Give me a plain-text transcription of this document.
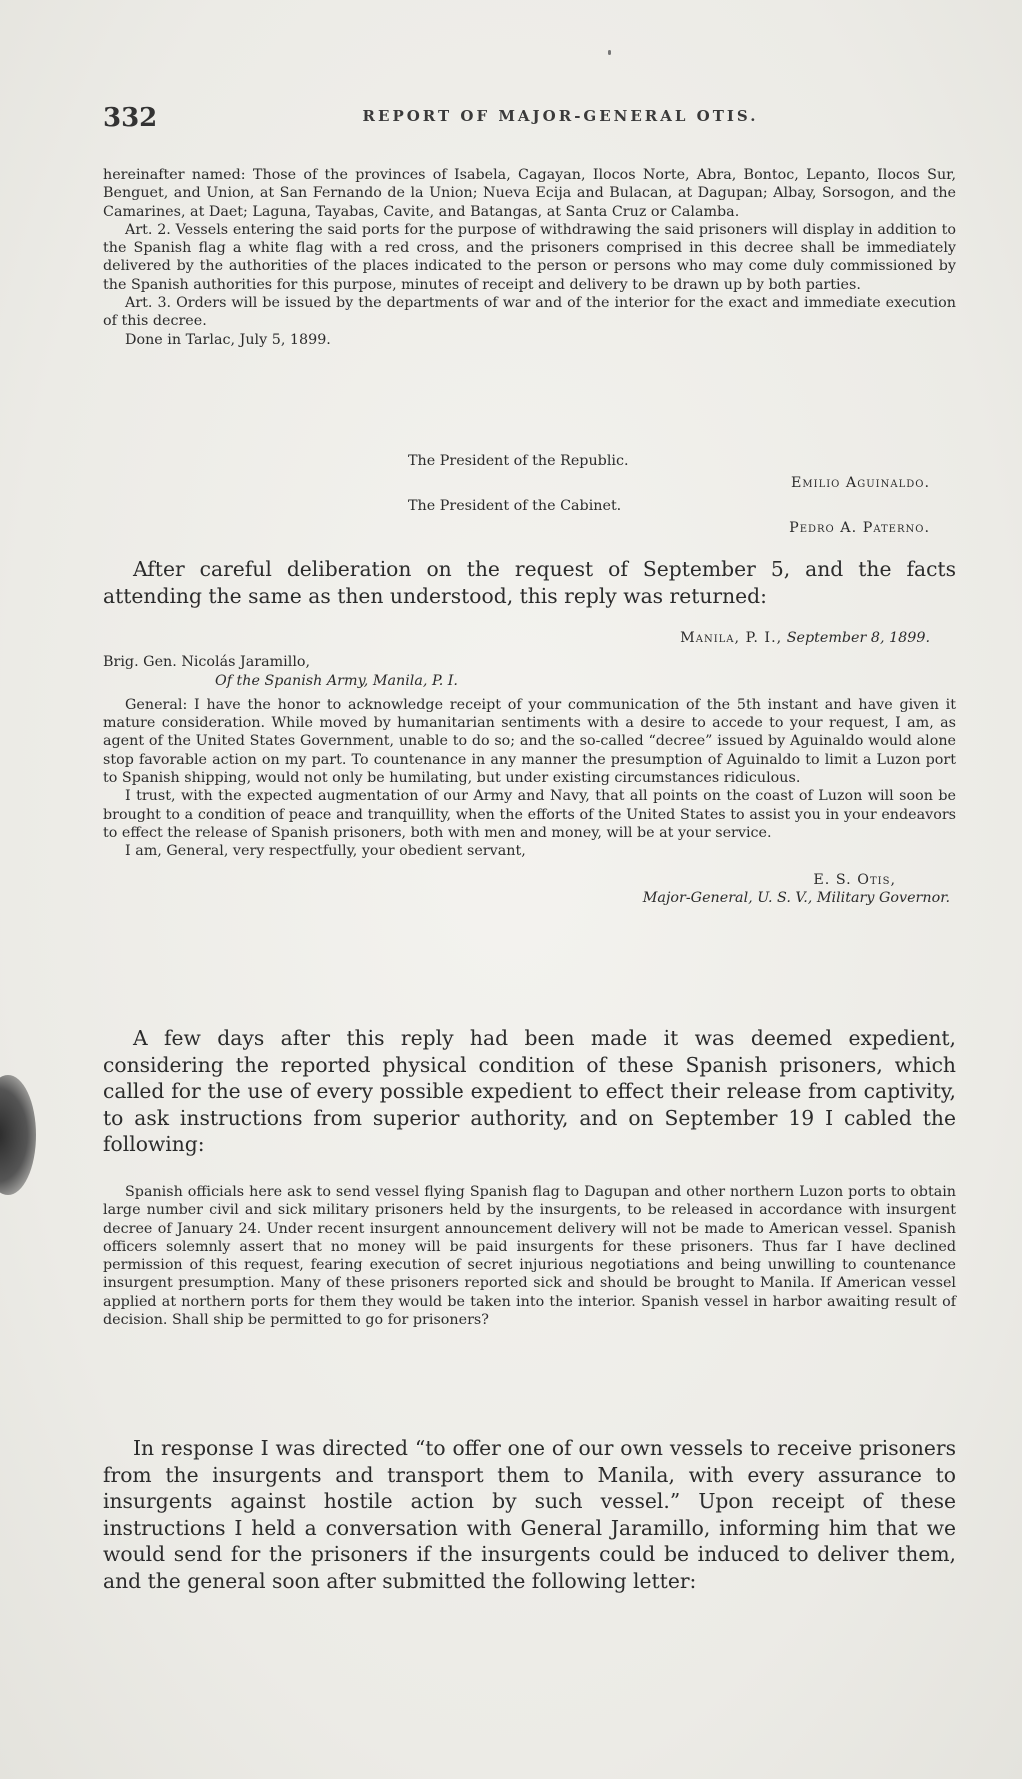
332	REPORT OF MAJOR-GENERAL OTIS.

hereinafter named: Those of the provinces of Isabela, Cagayan, Ilocos Norte, Abra, Bontoc, Lepanto, Ilocos Sur, Benguet, and Union, at San Fernando de la Union; Nueva Ecija and Bulacan, at Dagupan; Albay, Sorsogon, and the Camarines, at Daet; Laguna, Tayabas, Cavite, and Batangas, at Santa Cruz or Calamba.

Art. 2. Vessels entering the said ports for the purpose of withdrawing the said prisoners will display in addition to the Spanish flag a white flag with a red cross, and the prisoners comprised in this decree shall be immediately delivered by the authorities of the places indicated to the person or persons who may come duly commissioned by the Spanish authorities for this purpose, minutes of receipt and delivery to be drawn up by both parties.

Art. 3. Orders will be issued by the departments of war and of the interior for the exact and immediate execution of this decree.

Done in Tarlac, July 5, 1899.

The President of the Republic.

Emilio Aguinaldo.

The President of the Cabinet.

Pedro A. Paterno.

After careful deliberation on the request of September 5, and the facts attending the same as then understood, this reply was returned:

Manila, P. I., September 8, 1899.

Brig. Gen. Nicolás Jaramillo,

Of the Spanish Army, Manila, P. I.

General: I have the honor to acknowledge receipt of your communication of the 5th instant and have given it mature consideration. While moved by humanitarian sentiments with a desire to accede to your request, I am, as agent of the United States Government, unable to do so; and the so-called “decree” issued by Aguinaldo would alone stop favorable action on my part. To countenance in any manner the presumption of Aguinaldo to limit a Luzon port to Spanish shipping, would not only be humilating, but under existing circumstances ridiculous.

I trust, with the expected augmentation of our Army and Navy, that all points on the coast of Luzon will soon be brought to a condition of peace and tranquillity, when the efforts of the United States to assist you in your endeavors to effect the release of Spanish prisoners, both with men and money, will be at your service.

I am, General, very respectfully, your obedient servant,

E. S. Otis,

Major-General, U. S. V., Military Governor.

A few days after this reply had been made it was deemed expedient, considering the reported physical condition of these Spanish prisoners, which called for the use of every possible expedient to effect their release from captivity, to ask instructions from superior authority, and on September 19 I cabled the following:

Spanish officials here ask to send vessel flying Spanish flag to Dagupan and other northern Luzon ports to obtain large number civil and sick military prisoners held by the insurgents, to be released in accordance with insurgent decree of January 24. Under recent insurgent announcement delivery will not be made to American vessel. Spanish officers solemnly assert that no money will be paid insurgents for these prisoners. Thus far I have declined permission of this request, fearing execution of secret injurious negotiations and being unwilling to countenance insurgent presumption. Many of these prisoners reported sick and should be brought to Manila. If American vessel applied at northern ports for them they would be taken into the interior. Spanish vessel in harbor awaiting result of decision. Shall ship be permitted to go for prisoners?

In response I was directed “to offer one of our own vessels to receive prisoners from the insurgents and transport them to Manila, with every assurance to insurgents against hostile action by such vessel.” Upon receipt of these instructions I held a conversation with General Jaramillo, informing him that we would send for the prisoners if the insurgents could be induced to deliver them, and the general soon after submitted the following letter:
